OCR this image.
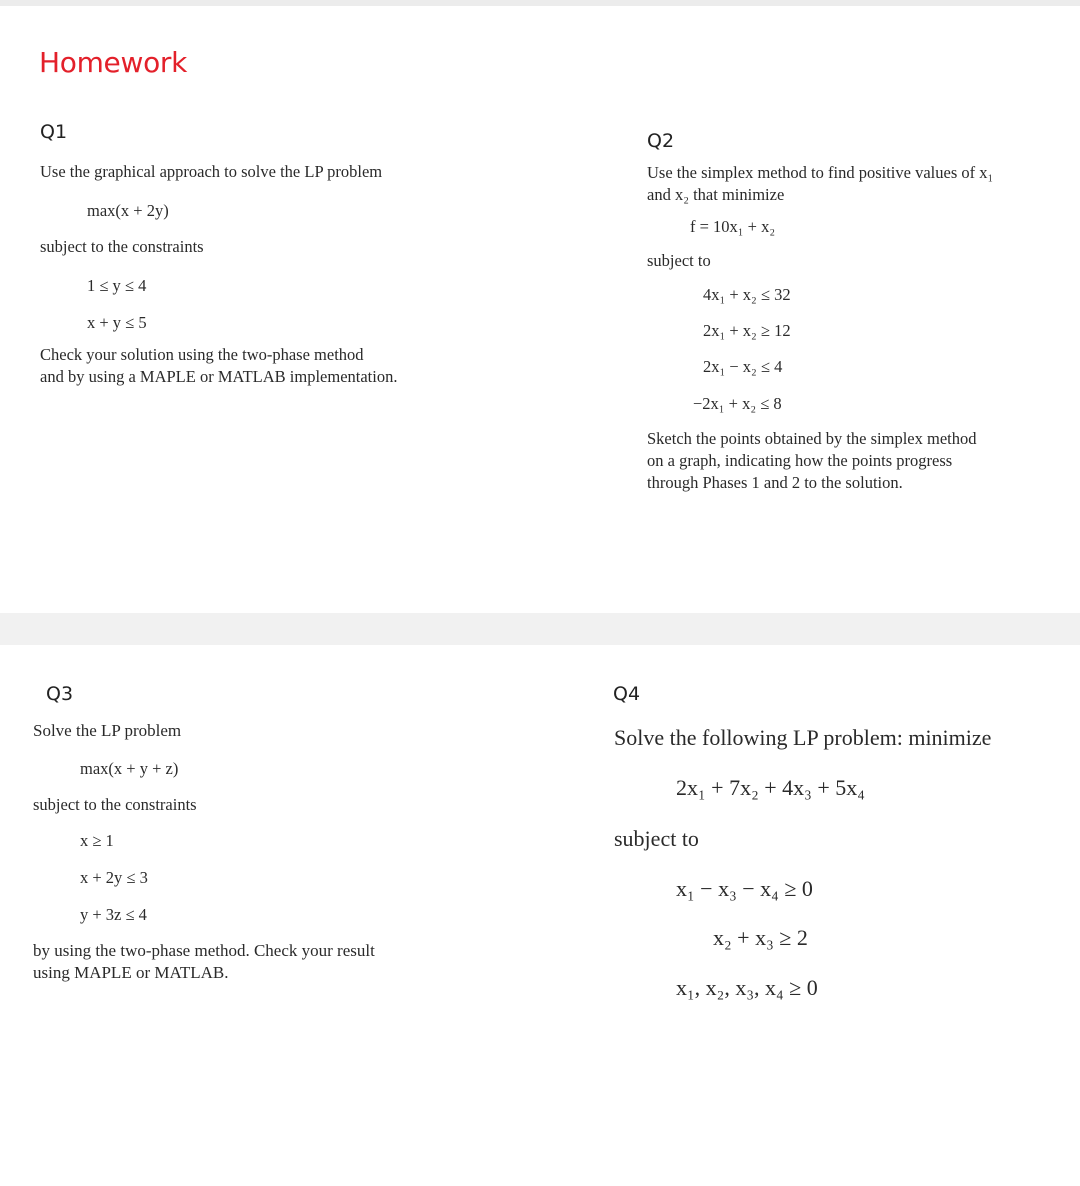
Homework
Q1
Use the graphical approach to solve the LP problem
max(x + 2y)
subject to the constraints
1 ≤ y ≤ 4
x + y ≤ 5
Check your solution using the two-phase method
and by using a MAPLE or MATLAB implementation.
Q2
Use the simplex method to find positive values of x₁
and x₂ that minimize
f = 10x₁ + x₂
subject to
4x₁ + x₂ ≤ 32
2x₁ + x₂ ≥ 12
2x₁ − x₂ ≤ 4
−2x₁ + x₂ ≤ 8
Sketch the points obtained by the simplex method
on a graph, indicating how the points progress
through Phases 1 and 2 to the solution.
Q3
Solve the LP problem
max(x + y + z)
subject to the constraints
x ≥ 1
x + 2y ≤ 3
y + 3z ≤ 4
by using the two-phase method. Check your result
using MAPLE or MATLAB.
Q4
Solve the following LP problem: minimize
2x₁ + 7x₂ + 4x₃ + 5x₄
subject to
x₁ − x₃ − x₄ ≥ 0
x₂ + x₃ ≥ 2
x₁, x₂, x₃, x₄ ≥ 0
